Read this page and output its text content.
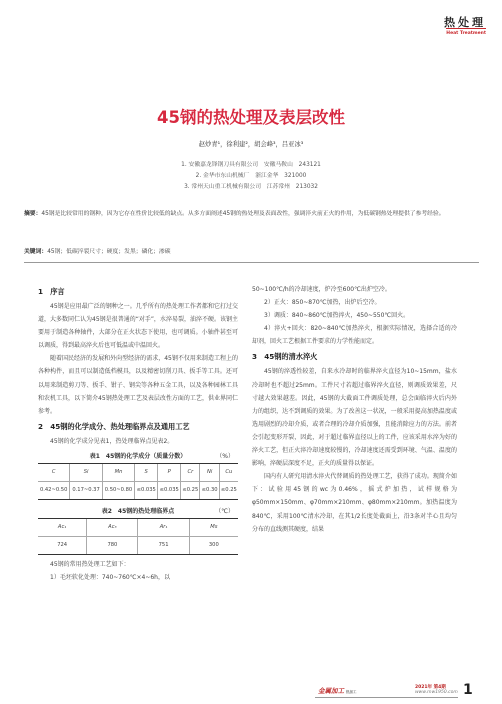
热处理
Heat Treatment
45钢的热处理及表层改性
赵炒青¹，徐利建²，胡会峰³，吕亚冰³
1. 安徽嘉龙锋钢刀具有限公司　安徽马鞍山　243121
2. 金华市东山机械厂　浙江金华　321000
3. 常州天山重工机械有限公司　江苏常州　213032
摘要：45钢是比较常用的钢种，因为它存在性价比较低的缺点。从多方面阐述45钢的热处理及表面改性，强调淬火前正火的作用，为低碳钢热处理提供了参考经验。
关键词：45钢；低碳淬裂尺寸；硬度；发黑；磷化；渗碳
1　序言

45钢是应用最广泛的钢种之一。几乎所有的热处理工作者都和它打过交道，大多数同仁认为45钢是很普通的“对手”，水淬易裂，油淬不硬。该钢主要用于制造各种轴件，大部分在正火状态下使用，也可调质。小轴件甚至可以调质，得到最高淬火后也可低温或中温回火。

随着国民经济的发展和外向型经济的需求，45钢不仅用来制造工程上的各种构件，而且可以制造低档模具，以及精密切削刀具、扳手等工具。还可以用来制造剪刀等、扳手、钳子、钢尖等各种五金工具，以及各种园林工具和农机工具，以下简介45钢热处理工艺及表层改性方面的工艺，供业界同仁参考。

2　45钢的化学成分、热处理临界点及通用工艺

45钢的化学成分见表1，热处理临界点见表2。

表1　45钢的化学成分（质量分数）	（%）
C	Si	Mn	S	P	Cr	Ni	Cu
0.42~0.50	0.17~0.37	0.50~0.80	≤0.035	≤0.035	≤0.25	≤0.30	≤0.25
表2　45钢的热处理临界点	（℃）
Ac₁	Ac₃	Ar₁	Ms
724	780	751	300

45钢的常用热处理工艺如下：

1）毛坯软化处理：740~760℃×4~6h，以

50~100℃/h的冷却速度，炉冷至600℃出炉空冷。

2）正火：850~870℃加热，出炉后空冷。

3）调质：840~860℃加热淬火，450~550℃回火。

4）淬火+回火：820~840℃加热淬火，根据实际情况，选择合适的冷却剂，回火工艺根据工件要求的力学性能而定。

3　45钢的清水淬火

45钢的淬透性较差，自来水冷却时的临界淬火直径为10~15mm，盐水冷却时也不超过25mm。工件尺寸若超过临界淬火直径，则调质效果差，尺寸越大效果越差。因此，45钢的大截面工件调质处理，总会面临淬火后内外力的组织，达不到调质的效果。为了改善这一状况，一般采用提高加热温度或选用剧烈的冷却介质，或者合理的冷却介质加强，且能消除应力的方法。前者会引起变形开裂，因此，对于超过临界直径以上的工件，应该采用水淬为好的淬火工艺，但正火淬冷却速度较慢的，冷却速度还需受到环境、气温、温度的影响，淬硬层深度不足，正火的质量得以保证。

国内有人研究用清水淬火代替调质的热处理工艺，获得了成功。现简介如下：试验用45钢的wc为0.46%，摇式炉加热，试样规格为φ50mm×150mm、φ70mm×210mm、φ80mm×210mm。加热温度为840℃，采用100℃清水冷却，在其1/2长度处截面上，沿3条对半心且均匀分布的直线测其硬度，结果

金属加工 热加工
2021年 第4期
www.mw1950.com 1
